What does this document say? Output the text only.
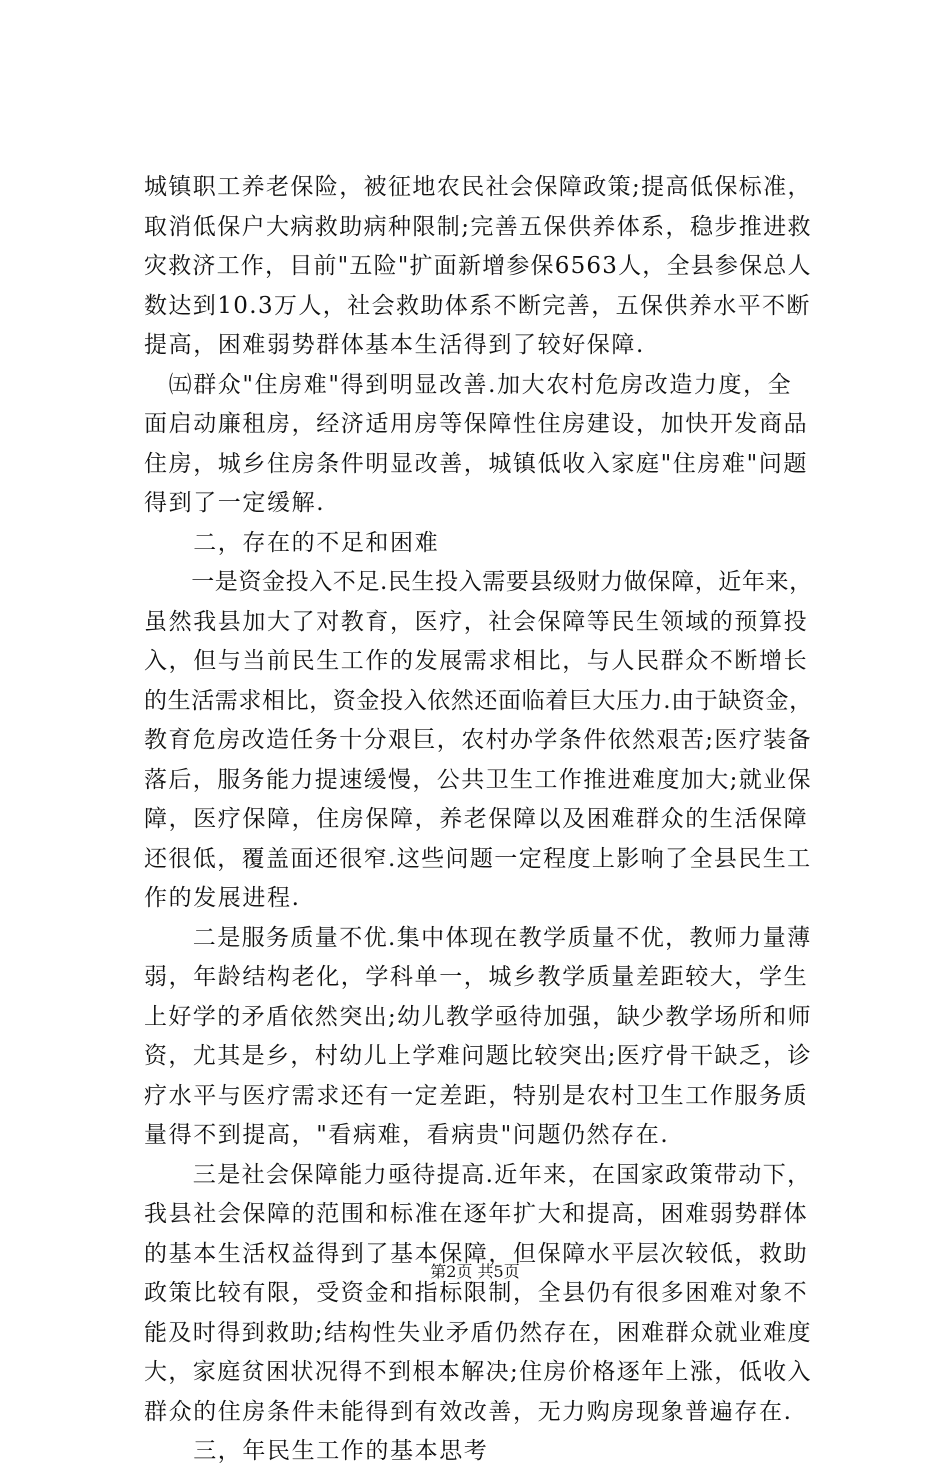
城镇职工养老保险，被征地农民社会保障政策;提高低保标准，
取消低保户大病救助病种限制;完善五保供养体系，稳步推进救
灾救济工作，目前"五险"扩面新增参保6563人，全县参保总人
数达到10.3万人，社会救助体系不断完善，五保供养水平不断
提高，困难弱势群体基本生活得到了较好保障.
　㈤群众"住房难"得到明显改善.加大农村危房改造力度，全
面启动廉租房，经济适用房等保障性住房建设，加快开发商品
住房，城乡住房条件明显改善，城镇低收入家庭"住房难"问题
得到了一定缓解.
　　二，存在的不足和困难
　　一是资金投入不足.民生投入需要县级财力做保障，近年来，
虽然我县加大了对教育，医疗，社会保障等民生领域的预算投
入，但与当前民生工作的发展需求相比，与人民群众不断增长
的生活需求相比，资金投入依然还面临着巨大压力.由于缺资金，
教育危房改造任务十分艰巨，农村办学条件依然艰苦;医疗装备
落后，服务能力提速缓慢，公共卫生工作推进难度加大;就业保
障，医疗保障，住房保障，养老保障以及困难群众的生活保障
还很低，覆盖面还很窄.这些问题一定程度上影响了全县民生工
作的发展进程.
　　二是服务质量不优.集中体现在教学质量不优，教师力量薄
弱，年龄结构老化，学科单一，城乡教学质量差距较大，学生
上好学的矛盾依然突出;幼儿教学亟待加强，缺少教学场所和师
资，尤其是乡，村幼儿上学难问题比较突出;医疗骨干缺乏，诊
疗水平与医疗需求还有一定差距，特别是农村卫生工作服务质
量得不到提高，"看病难，看病贵"问题仍然存在.
　　三是社会保障能力亟待提高.近年来，在国家政策带动下，
我县社会保障的范围和标准在逐年扩大和提高，困难弱势群体
的基本生活权益得到了基本保障，但保障水平层次较低，救助
政策比较有限，受资金和指标限制，全县仍有很多困难对象不
能及时得到救助;结构性失业矛盾仍然存在，困难群众就业难度
大，家庭贫困状况得不到根本解决;住房价格逐年上涨，低收入
群众的住房条件未能得到有效改善，无力购房现象普遍存在.
　　三，年民生工作的基本思考
第2页 共5页
